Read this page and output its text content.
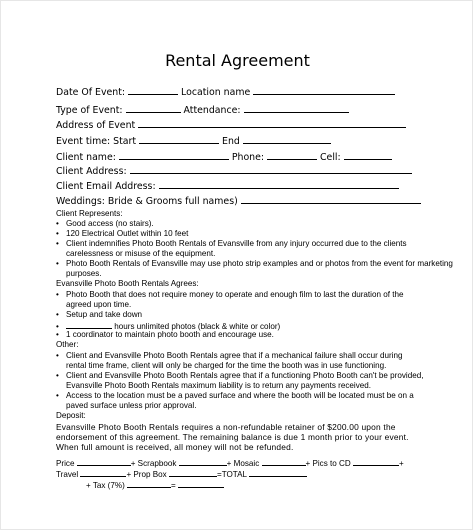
Rental Agreement
Date Of Event:	Location name
Type of Event:	Attendance:
Address of Event
Event time: Start	End
Client name:	Phone:	Cell:
Client Address:
Client Email Address:
Weddings: Bride & Grooms full names)
Client Represents:
• Good access (no stairs).
• 120 Electrical Outlet within 10 feet
• Client indemnifies Photo Booth Rentals of Evansville from any injury occurred due to the clients
carelessness or misuse of the equipment.
• Photo Booth Rentals of Evansville may use photo strip examples and or photos from the event for marketing
purposes.
Evansville Photo Booth Rentals Agrees:
• Photo Booth that does not require money to operate and enough film to last the duration of the
agreed upon time.
• Setup and take down
•	hours unlimited photos (black & white or color)
• 1 coordinator to maintain photo booth and encourage use.
Other:
• Client and Evansville Photo Booth Rentals agree that if a mechanical failure shall occur during
rental time frame, client will only be charged for the time the booth was in use functioning.
• Client and Evansville Photo Booth Rentals agree that if a functioning Photo Booth can't be provided,
Evansville Photo Booth Rentals maximum liability is to return any payments received.
• Access to the location must be a paved surface and where the booth will be located must be on a
paved surface unless prior approval.
Deposit:
Evansville Photo Booth Rentals requires a non-refundable retainer of $200.00 upon the
endorsement of this agreement. The remaining balance is due 1 month prior to your event.
When full amount is received, all money will not be refunded.
Price	+ Scrapbook	+ Mosaic	+ Pics to CD	+
Travel	+ Prop Box	=TOTAL
+ Tax (7%)	=
